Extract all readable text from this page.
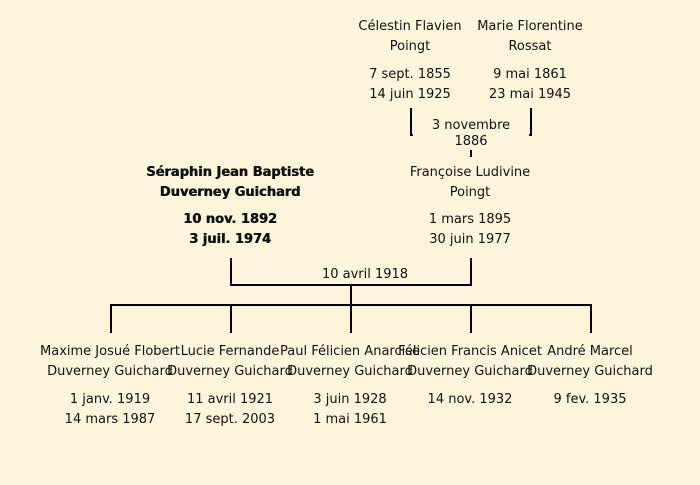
3 novembre 1886
10 avril 1918
Célestin Flavien
Poingt
7 sept. 1855
14 juin 1925
Marie Florentine
Rossat
9 mai 1861
23 mai 1945
Séraphin Jean Baptiste
Duverney Guichard
10 nov. 1892
3 juil. 1974
Françoise Ludivine
Poingt
1 mars 1895
30 juin 1977
Maxime Josué Flobert
Duverney Guichard
1 janv. 1919
14 mars 1987
Lucie Fernande
Duverney Guichard
11 avril 1921
17 sept. 2003
Paul Félicien Anarcise
Duverney Guichard
3 juin 1928
1 mai 1961
Félicien Francis Anicet
Duverney Guichard
14 nov. 1932
André Marcel
Duverney Guichard
9 fev. 1935
